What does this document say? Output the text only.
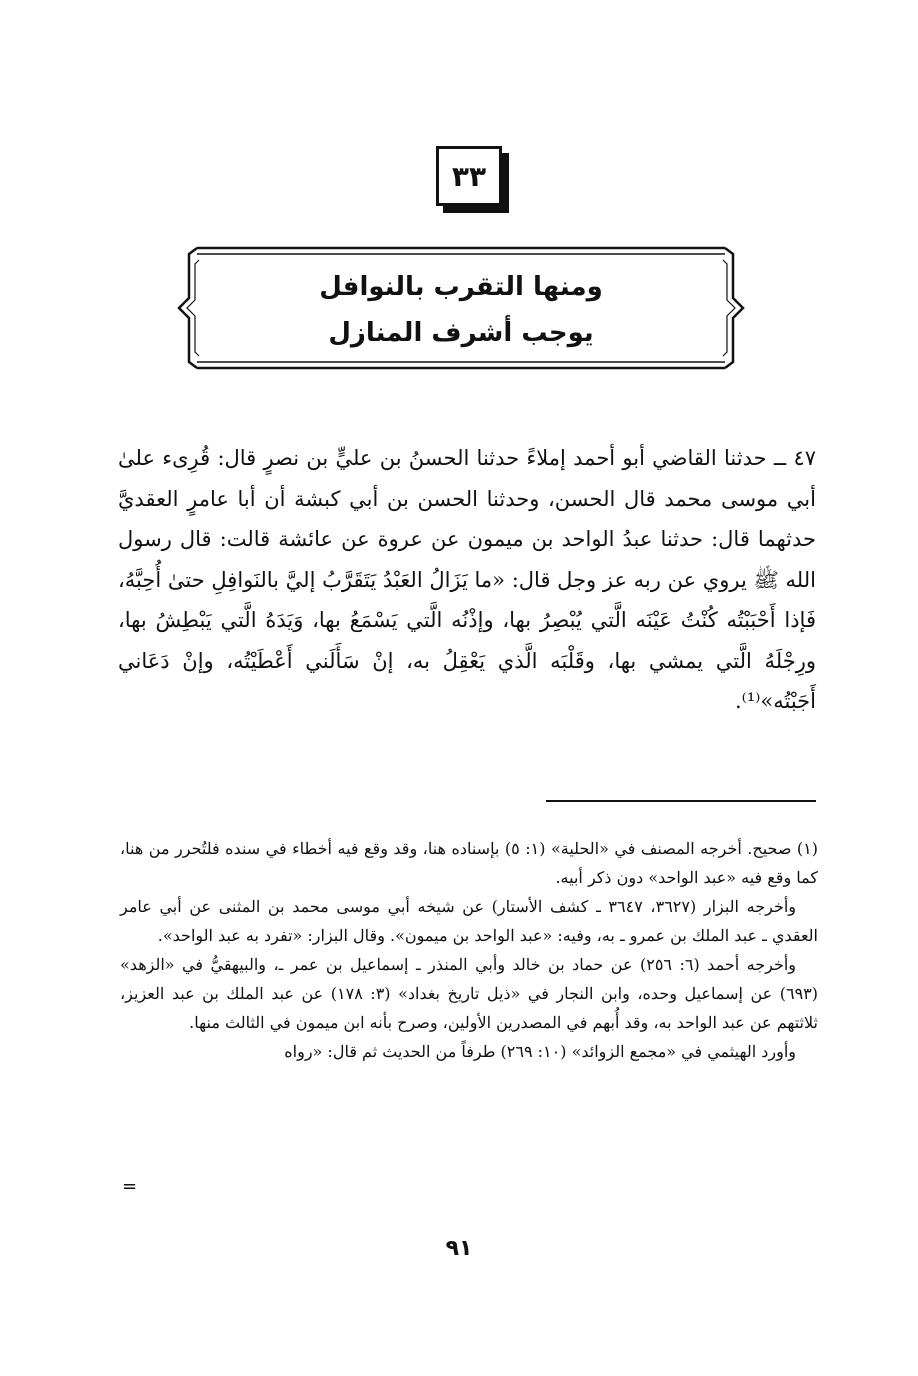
٣٣
ومنها التقرب بالنوافل
يوجب أشرف المنازل

٤٧ ــ حدثنا القاضي أبو أحمد إملاءً حدثنا الحسنُ بن عليٍّ بن نصرٍ قال: قُرِىء علىٰ أبي موسى محمد قال الحسن، وحدثنا الحسن بن أبي كبشة أن أبا عامرٍ العقديَّ حدثهما قال: حدثنا عبدُ الواحد بن ميمون عن عروة عن عائشة قالت: قال رسول الله ﷺ يروي عن ربه عز وجل قال: «ما يَزَالُ العَبْدُ يَتَقَرَّبُ إليَّ بالنَوافِلِ حتىٰ أُحِبَّهُ، فَإذا أَحْبَبْتُه كُنْتُ عَيْنَه الَّتي يُبْصِرُ بها، وإذْنُه الَّتي يَسْمَعُ بها، وَيَدَهُ الَّتي يَبْطِشُ بها، ورِجْلَهُ الَّتي يمشي بها، وقَلْبَه الَّذي يَعْقِلُ به، إنْ سَأَلَني أَعْطَيْتُه، وإنْ دَعَاني أَجَبْتُه»⁽¹⁾.

(١) صحيح. أخرجه المصنف في «الحلية» (١: ٥) بإسناده هنا، وقد وقع فيه أخطاء في سنده فلتُحرر من هنا، كما وقع فيه «عبد الواحد» دون ذكر أبيه.

وأخرجه البزار (٣٦٢٧، ٣٦٤٧ ـ كشف الأستار) عن شيخه أبي موسى محمد بن المثنى عن أبي عامر العقدي ـ عبد الملك بن عمرو ـ به، وفيه: «عبد الواحد بن ميمون». وقال البزار: «تفرد به عبد الواحد».

وأخرجه أحمد (٦: ٢٥٦) عن حماد بن خالد وأبي المنذر ـ إسماعيل بن عمر ـ، والبيهقيُّ في «الزهد» (٦٩٣) عن إسماعيل وحده، وابن النجار في «ذيل تاريخ بغداد» (٣: ١٧٨) عن عبد الملك بن عبد العزيز، ثلاثتهم عن عبد الواحد به، وقد أُبهم في المصدرين الأولين، وصرح بأنه ابن ميمون في الثالث منها.

وأورد الهيثمي في «مجمع الزوائد» (١٠: ٢٦٩) طرفاً من الحديث ثم قال: «رواه

=
٩١
